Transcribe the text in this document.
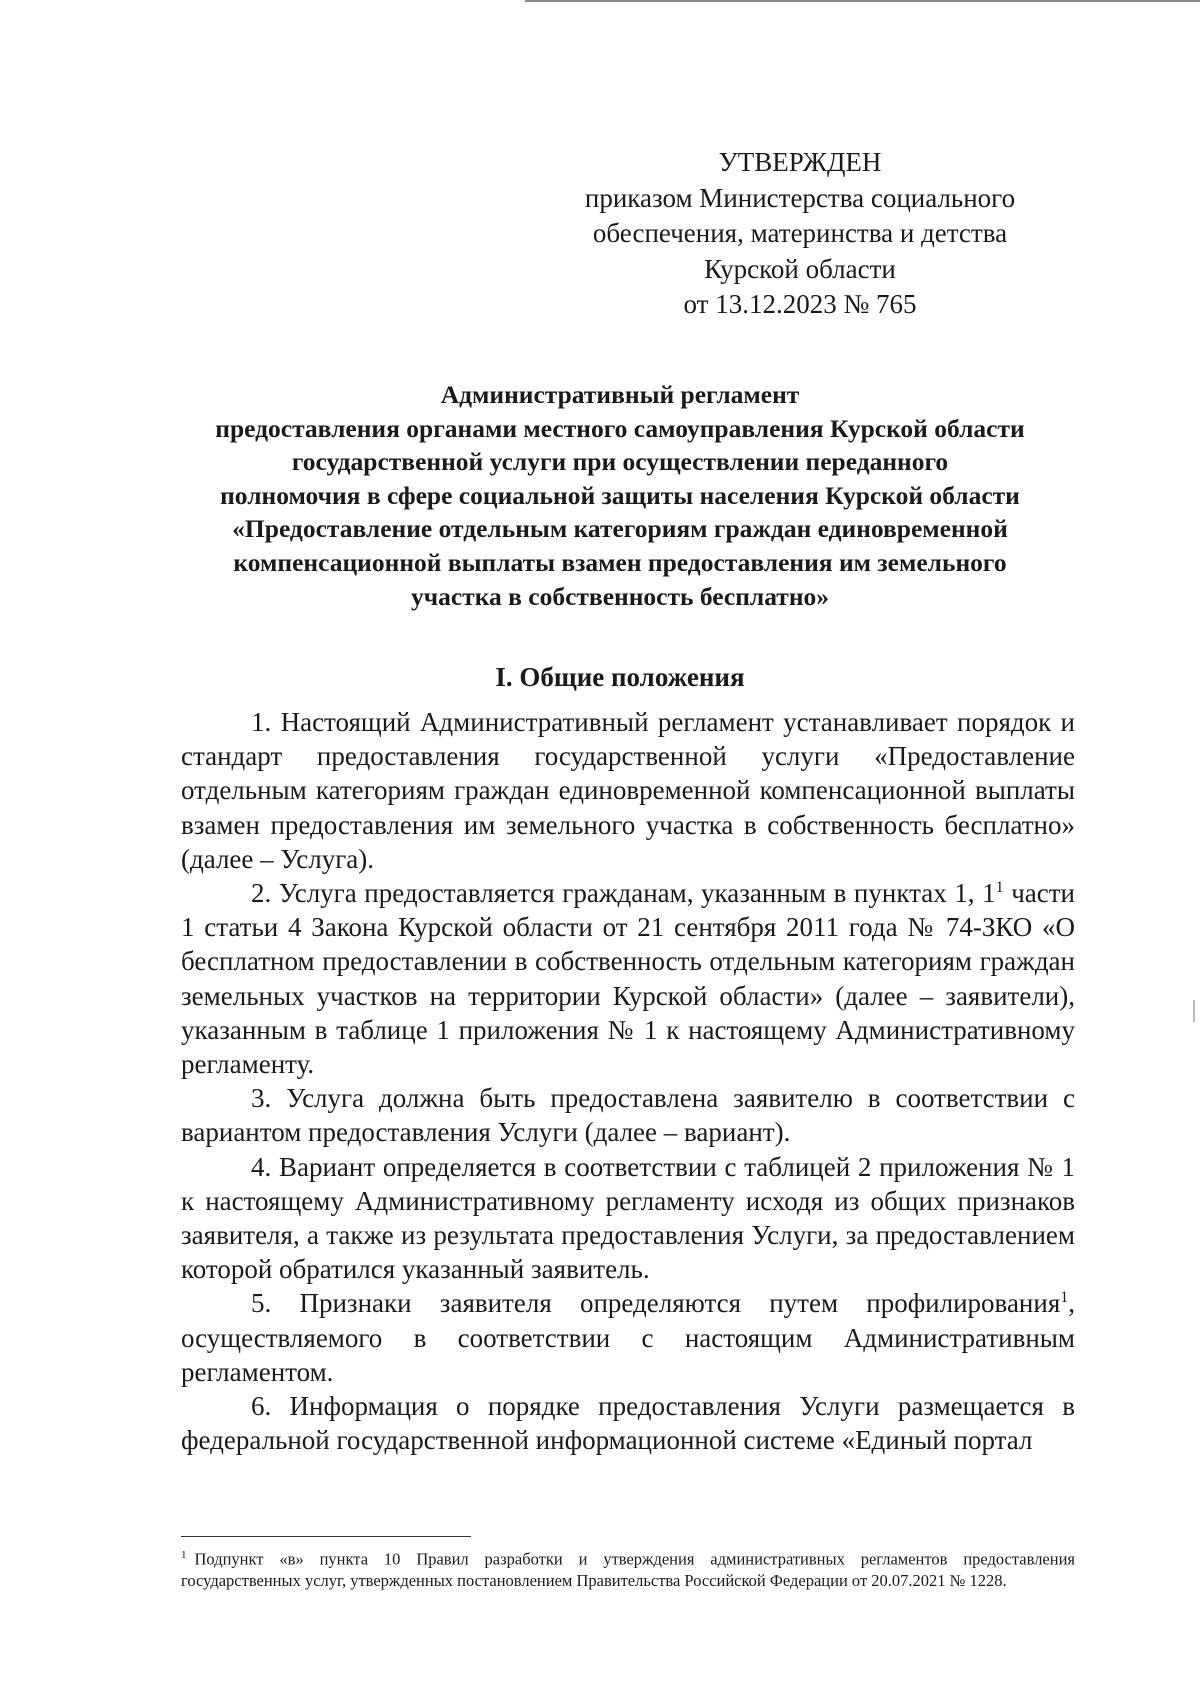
УТВЕРЖДЕН
приказом Министерства социального
обеспечения, материнства и детства
Курской области
от 13.12.2023 № 765
Административный регламент
предоставления органами местного самоуправления Курской области
государственной услуги при осуществлении переданного
полномочия в сфере социальной защиты населения Курской области
«Предоставление отдельным категориям граждан единовременной
компенсационной выплаты взамен предоставления им земельного
участка в собственность бесплатно»
I. Общие положения

1. Настоящий Административный регламент устанавливает порядок и стандарт предоставления государственной услуги «Предоставление отдельным категориям граждан единовременной компенсационной выплаты взамен предоставления им земельного участка в собственность бесплатно» (далее – Услуга).

2. Услуга предоставляется гражданам, указанным в пунктах 1, $1^1$ части 1 статьи 4 Закона Курской области от 21 сентября 2011 года № 74-ЗКО «О бесплатном предоставлении в собственность отдельным категориям граждан земельных участков на территории Курской области» (далее – заявители), указанным в таблице 1 приложения № 1 к настоящему Административному регламенту.

3. Услуга должна быть предоставлена заявителю в соответствии с вариантом предоставления Услуги (далее – вариант).

4. Вариант определяется в соответствии с таблицей 2 приложения № 1 к настоящему Административному регламенту исходя из общих признаков заявителя, а также из результата предоставления Услуги, за предоставлением которой обратился указанный заявитель.

5. Признаки заявителя определяются путем профилирования$^1$, осуществляемого в соответствии с настоящим Административным регламентом.

6. Информация о порядке предоставления Услуги размещается в федеральной государственной информационной системе «Единый портал

$^1$ Подпункт «в» пункта 10 Правил разработки и утверждения административных регламентов предоставления государственных услуг, утвержденных постановлением Правительства Российской Федерации от 20.07.2021 № 1228.
